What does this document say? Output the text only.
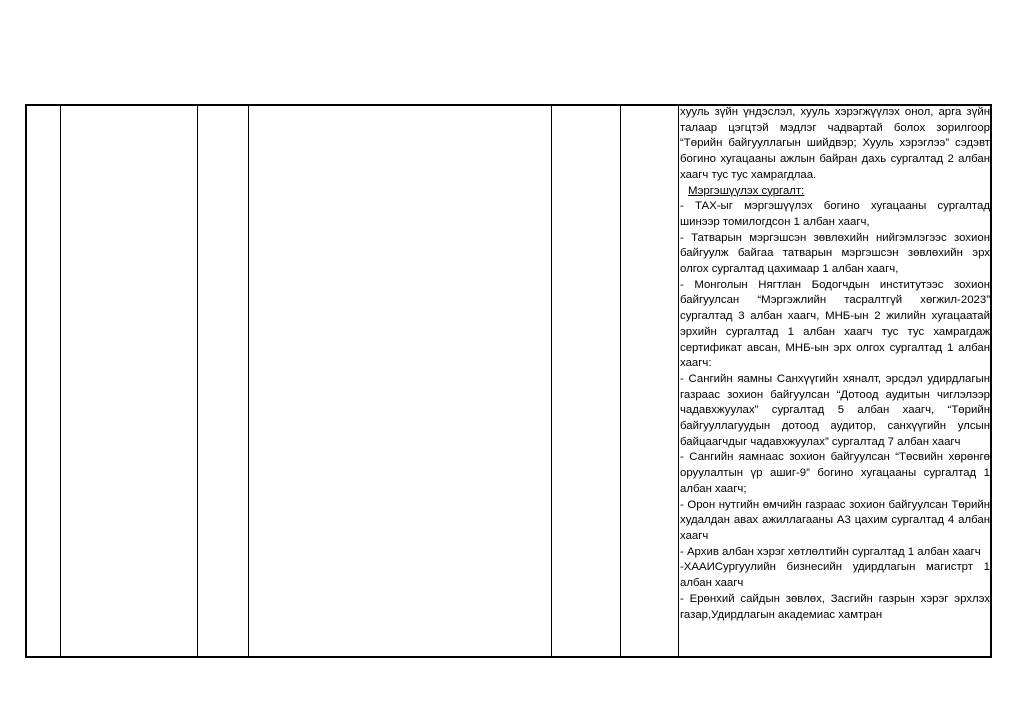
хууль зүйн үндэслэл, хууль хэрэгжүүлэх онол, арга зүйн талаар цэгцтэй мэдлэг чадвартай болох зорилгоор “Төрийн байгууллагын шийдвэр; Хууль хэрэглээ” сэдэвт богино хугацааны ажлын байран дахь сургалтад 2 албан хаагч тус тус хамрагдлаа.

Мэргэшүүлэх сургалт:

- ТАХ-ыг мэргэшүүлэх богино хугацааны сургалтад шинээр томилогдсон 1 албан хаагч,

- Татварын мэргэшсэн зөвлөхийн нийгэмлэгээс зохион байгуулж байгаа татварын мэргэшсэн зөвлөхийн эрх олгох сургалтад цахимаар 1 албан хаагч,

- Монголын Нягтлан Бодогчдын институтээс зохион байгуулсан “Мэргэжлийн тасралтгүй хөгжил-2023” сургалтад 3 албан хаагч, МНБ-ын 2 жилийн хугацаатай эрхийн сургалтад 1 албан хаагч тус тус хамрагдаж сертификат авсан, МНБ-ын эрх олгох сургалтад 1 албан хаагч:

- Сангийн яамны Санхүүгийн хяналт, эрсдэл удирдлагын газраас зохион байгуулсан “Дотоод аудитын чиглэлээр чадавхжуулах” сургалтад 5 албан хаагч, “Төрийн байгууллагуудын дотоод аудитор, санхүүгийн улсын байцаагчдыг чадавхжуулах” сургалтад 7 албан хаагч

- Сангийн яамнаас зохион байгуулсан “Төсвийн хөрөнгө оруулалтын үр ашиг-9” богино хугацааны сургалтад 1 албан хаагч;

- Орон нутгийн өмчийн газраас зохион байгуулсан Төрийн худалдан авах ажиллагааны А3 цахим сургалтад 4 албан хаагч

- Архив албан хэрэг хөтлөлтийн сургалтад 1 албан хаагч

-ХААИСургуулийн бизнесийн удирдлагын магистрт 1 албан хаагч

- Ерөнхий сайдын зөвлөх, Засгийн газрын хэрэг эрхлэх газар,Удирдлагын академиас хамтран
